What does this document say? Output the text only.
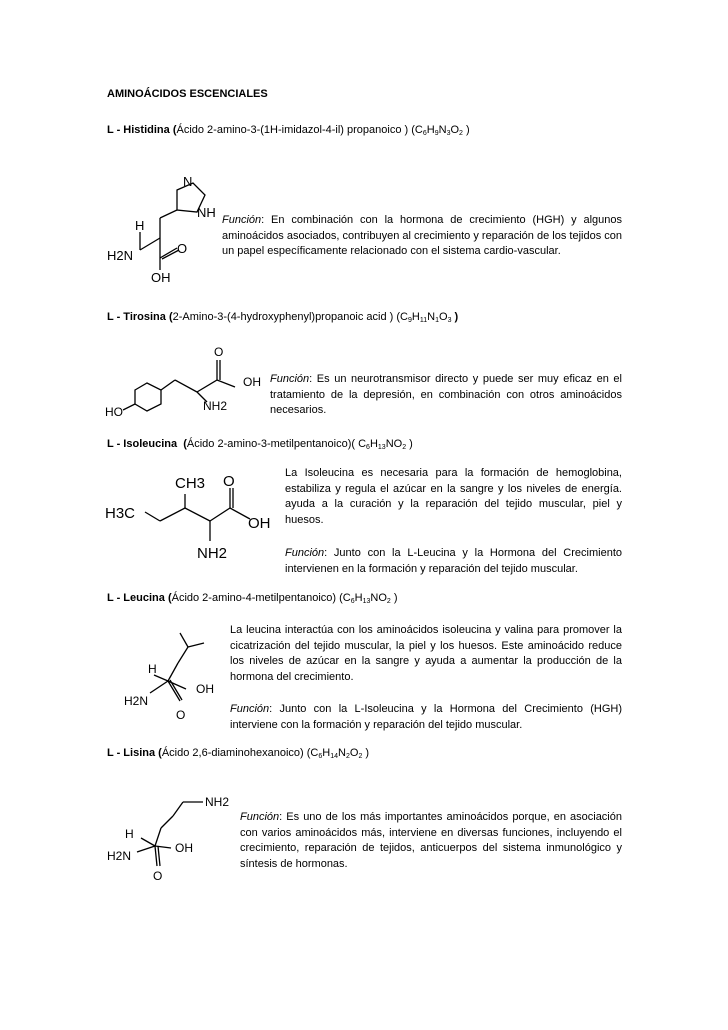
AMINOÁCIDOS ESCENCIALES
L - Histidina (Ácido 2-amino-3-(1H-imidazol-4-il) propanoico ) ($C_6H_9N_3O_2$ )
N
NH
H
H2N	O
OH
Función: En combinación con la hormona de crecimiento (HGH) y algunos aminoácidos asociados, contribuyen al crecimiento y reparación de los tejidos con un papel específicamente relacionado con el sistema cardio-vascular.
L - Tirosina (2-Amino-3-(4-hydroxyphenyl)propanoic acid ) ($C_9H_{11}N_1O_3$ )
O
OH
NH2
HO
Función: Es un neurotransmisor directo y puede ser muy eficaz en el tratamiento de la depresión, en combinación con otros aminoácidos necesarios.
L - Isoleucina (Ácido 2-amino-3-metilpentanoico)( $C_6H_{13}NO_2$ )
CH3 O
H3C
OH
NH2
La Isoleucina es necesaria para la formación de hemoglobina, estabiliza y regula el azúcar en la sangre y los niveles de energía. ayuda a la curación y la reparación del tejido muscular, piel y huesos.
Función: Junto con la L-Leucina y la Hormona del Crecimiento intervienen en la formación y reparación del tejido muscular.
L - Leucina (Ácido 2-amino-4-metilpentanoico) ($C_6H_{13}NO_2$ )
H
OH
H2N
O
La leucina interactúa con los aminoácidos isoleucina y valina para promover la cicatrización del tejido muscular, la piel y los huesos. Este aminoácido reduce los niveles de azúcar en la sangre y ayuda a aumentar la producción de la hormona del crecimiento.
Función: Junto con la L-Isoleucina y la Hormona del Crecimiento (HGH) interviene con la formación y reparación del tejido muscular.
L - Lisina (Ácido 2,6-diaminohexanoico) ($C_6H_{14}N_2O_2$ )
NH2
H
OH
H2N
O
Función: Es uno de los más importantes aminoácidos porque, en asociación con varios aminoácidos más, interviene en diversas funciones, incluyendo el crecimiento, reparación de tejidos, anticuerpos del sistema inmunológico y síntesis de hormonas.
